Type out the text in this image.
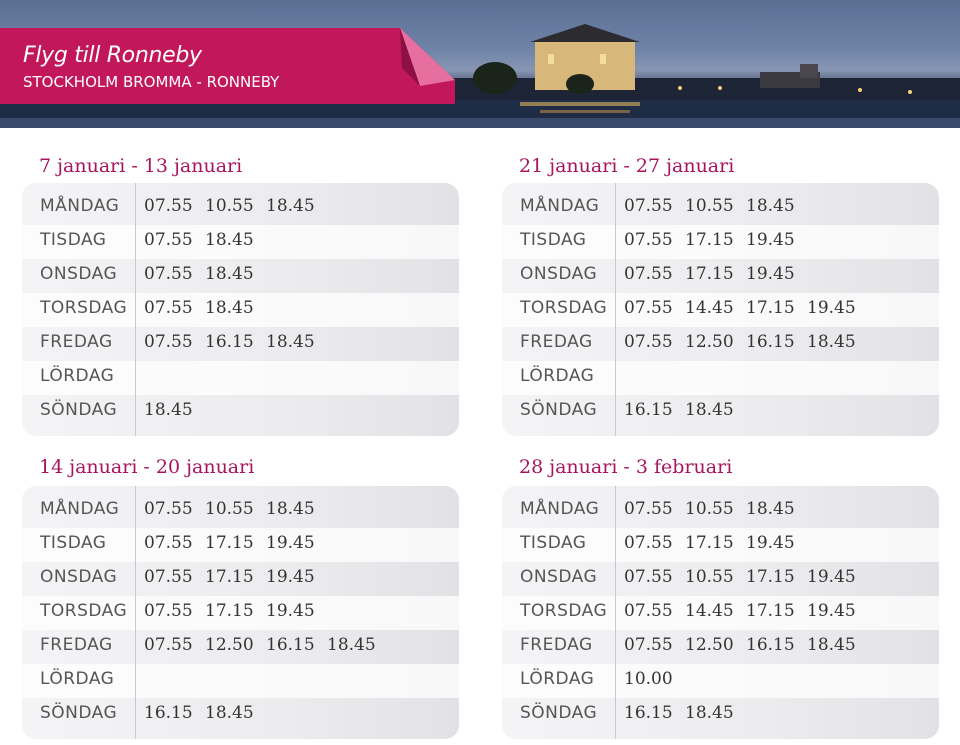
Flyg till Ronneby
STOCKHOLM BROMMA - RONNEBY
7 januari - 13 januari
MÅNDAG 07.55 10.55 18.45
TISDAG 07.55 18.45
ONSDAG 07.55 18.45
TORSDAG 07.55 18.45
FREDAG 07.55 16.15 18.45
LÖRDAG
SÖNDAG 18.45
21 januari - 27 januari
MÅNDAG 07.55 10.55 18.45
TISDAG 07.55 17.15 19.45
ONSDAG 07.55 17.15 19.45
TORSDAG 07.55 14.45 17.15 19.45
FREDAG 07.55 12.50 16.15 18.45
LÖRDAG
SÖNDAG 16.15 18.45
14 januari - 20 januari
MÅNDAG 07.55 10.55 18.45
TISDAG 07.55 17.15 19.45
ONSDAG 07.55 17.15 19.45
TORSDAG 07.55 17.15 19.45
FREDAG 07.55 12.50 16.15 18.45
LÖRDAG
SÖNDAG 16.15 18.45
28 januari - 3 februari
MÅNDAG 07.55 10.55 18.45
TISDAG 07.55 17.15 19.45
ONSDAG 07.55 10.55 17.15 19.45
TORSDAG 07.55 14.45 17.15 19.45
FREDAG 07.55 12.50 16.15 18.45
LÖRDAG 10.00
SÖNDAG 16.15 18.45
